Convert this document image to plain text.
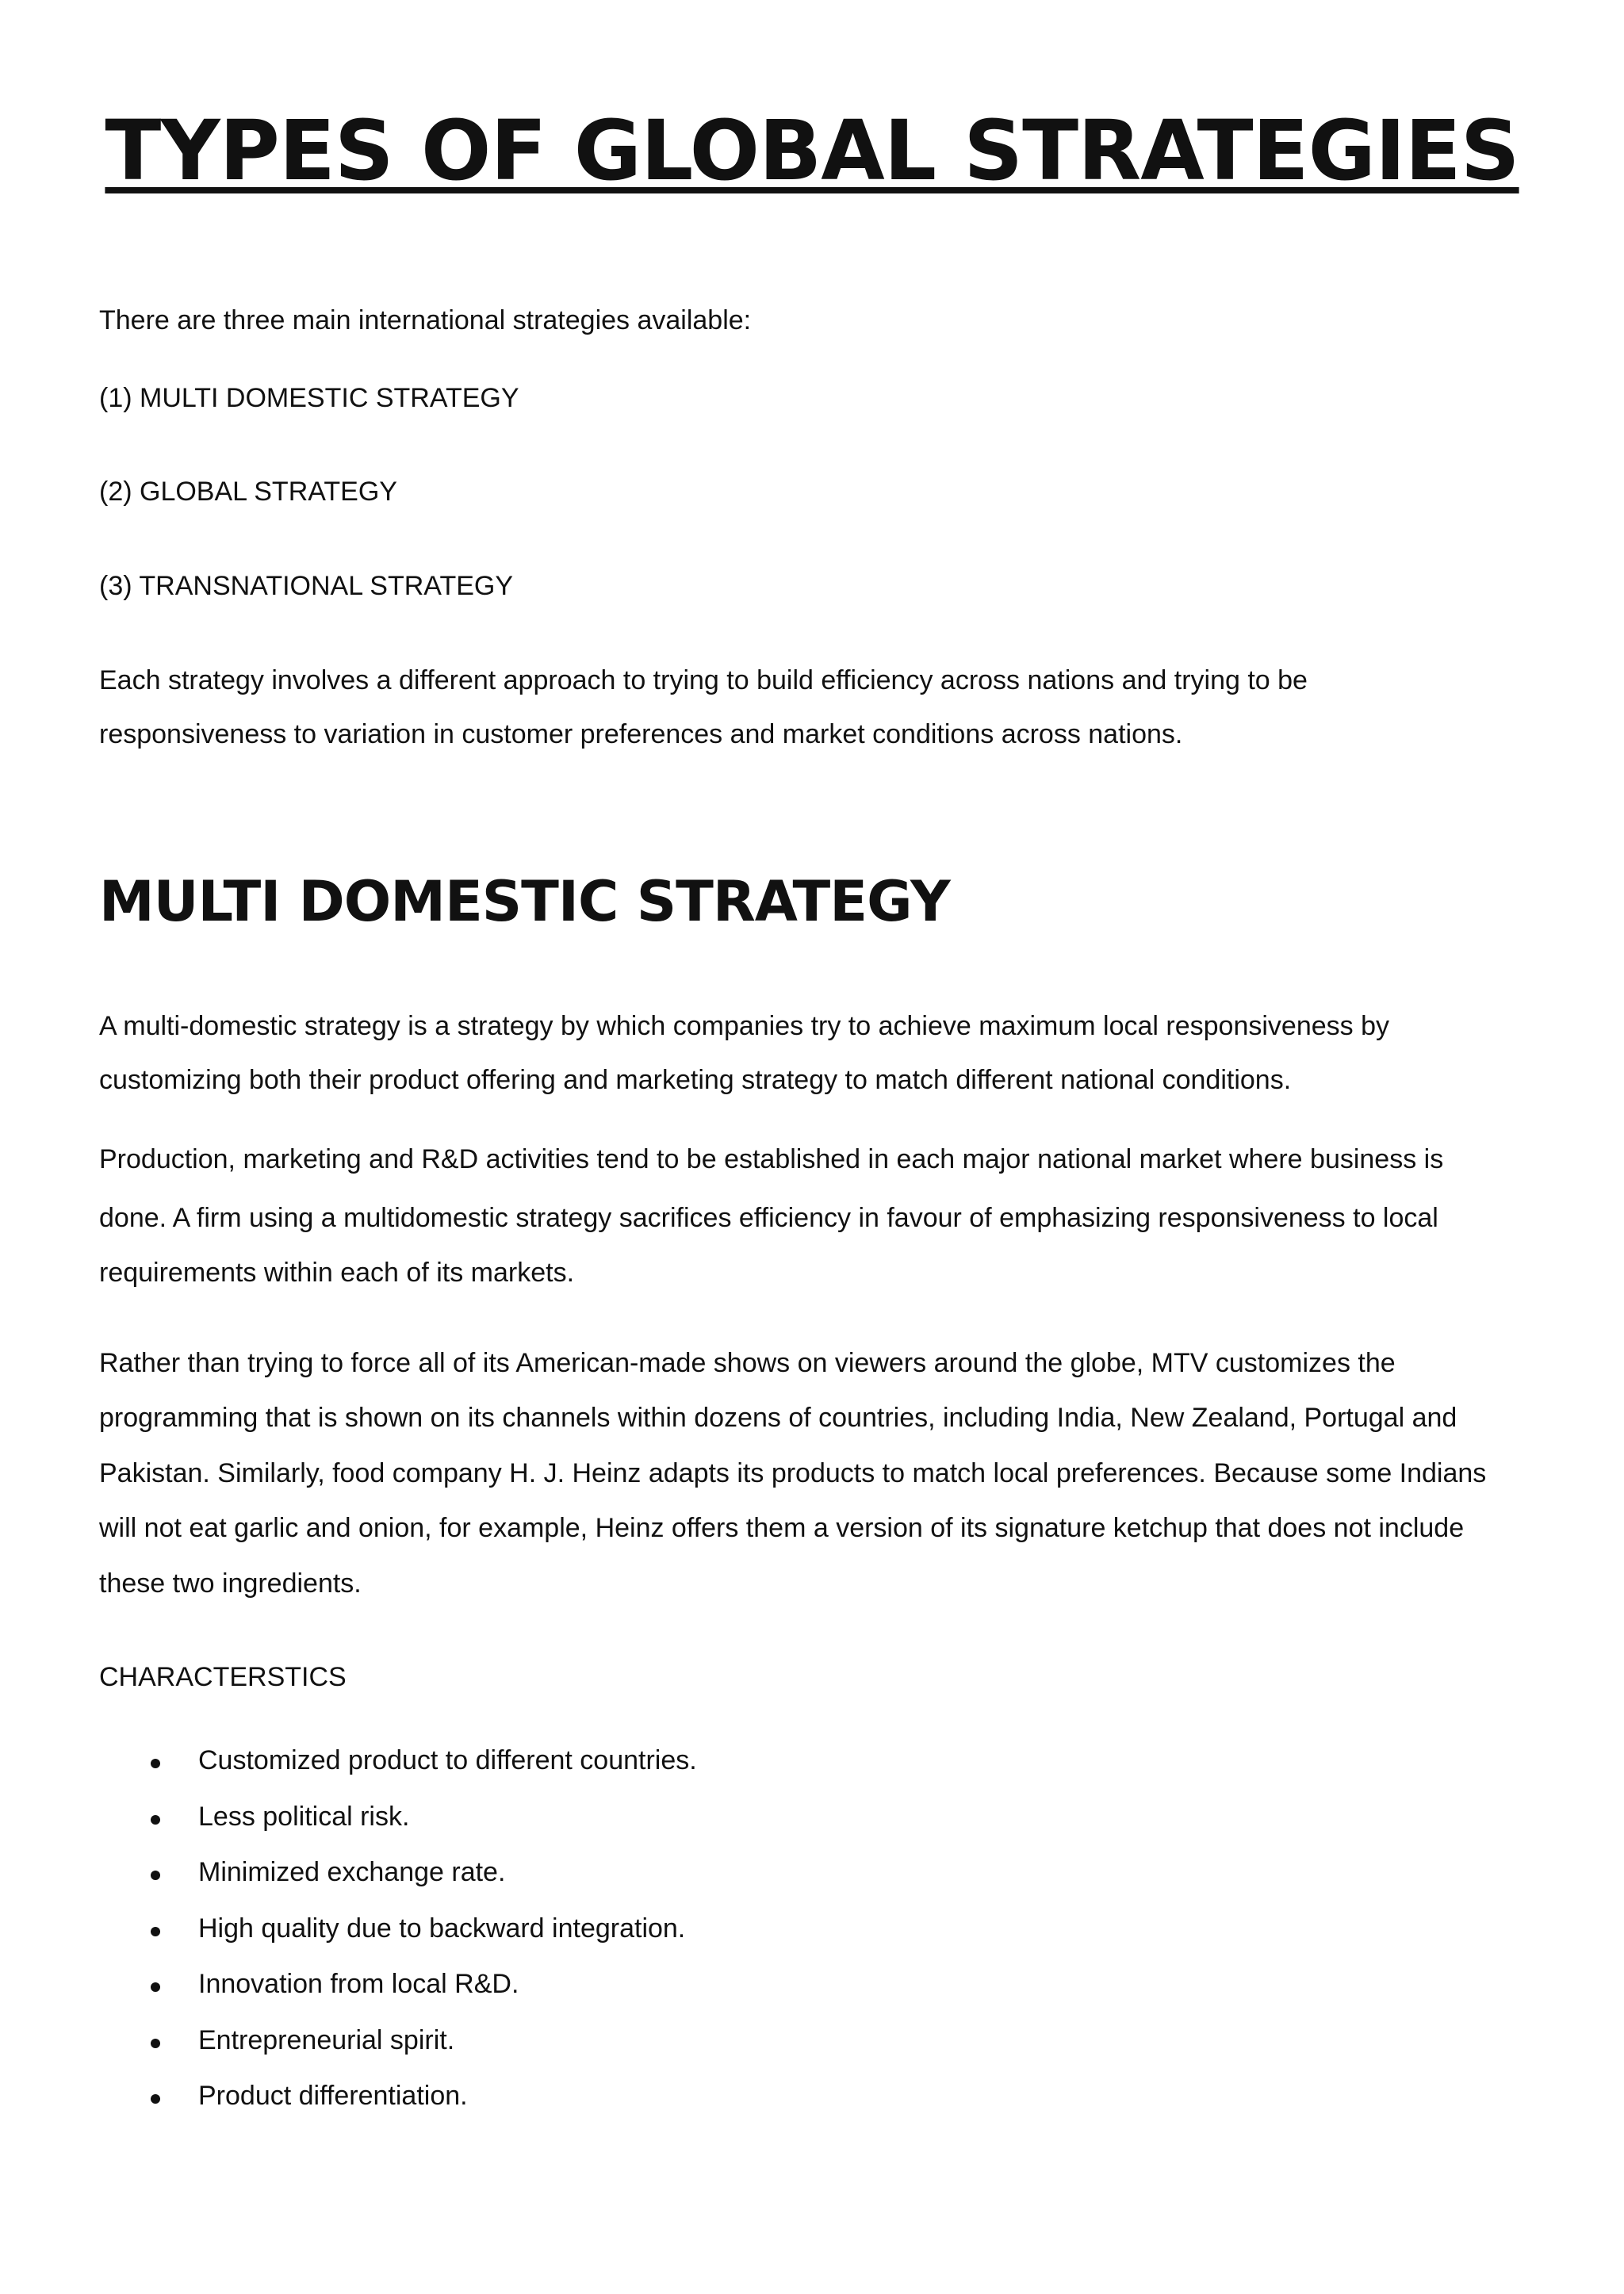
TYPES OF GLOBAL STRATEGIES

There are three main international strategies available:

(1) MULTI DOMESTIC STRATEGY

(2) GLOBAL STRATEGY

(3) TRANSNATIONAL STRATEGY

Each strategy involves a different approach to trying to build efficiency across nations and trying to be

responsiveness to variation in customer preferences and market conditions across nations.

MULTI DOMESTIC STRATEGY

A multi-domestic strategy is a strategy by which companies try to achieve maximum local responsiveness by

customizing both their product offering and marketing strategy to match different national conditions.

Production, marketing and R&D activities tend to be established in each major national market where business is

done. A firm using a multidomestic strategy sacrifices efficiency in favour of emphasizing responsiveness to local

requirements within each of its markets.

Rather than trying to force all of its American-made shows on viewers around the globe, MTV customizes the

programming that is shown on its channels within dozens of countries, including India, New Zealand, Portugal and

Pakistan. Similarly, food company H. J. Heinz adapts its products to match local preferences. Because some Indians

will not eat garlic and onion, for example, Heinz offers them a version of its signature ketchup that does not include

these two ingredients.

CHARACTERSTICS

Customized product to different countries.
Less political risk.
Minimized exchange rate.
High quality due to backward integration.
Innovation from local R&D.
Entrepreneurial spirit.
Product differentiation.
